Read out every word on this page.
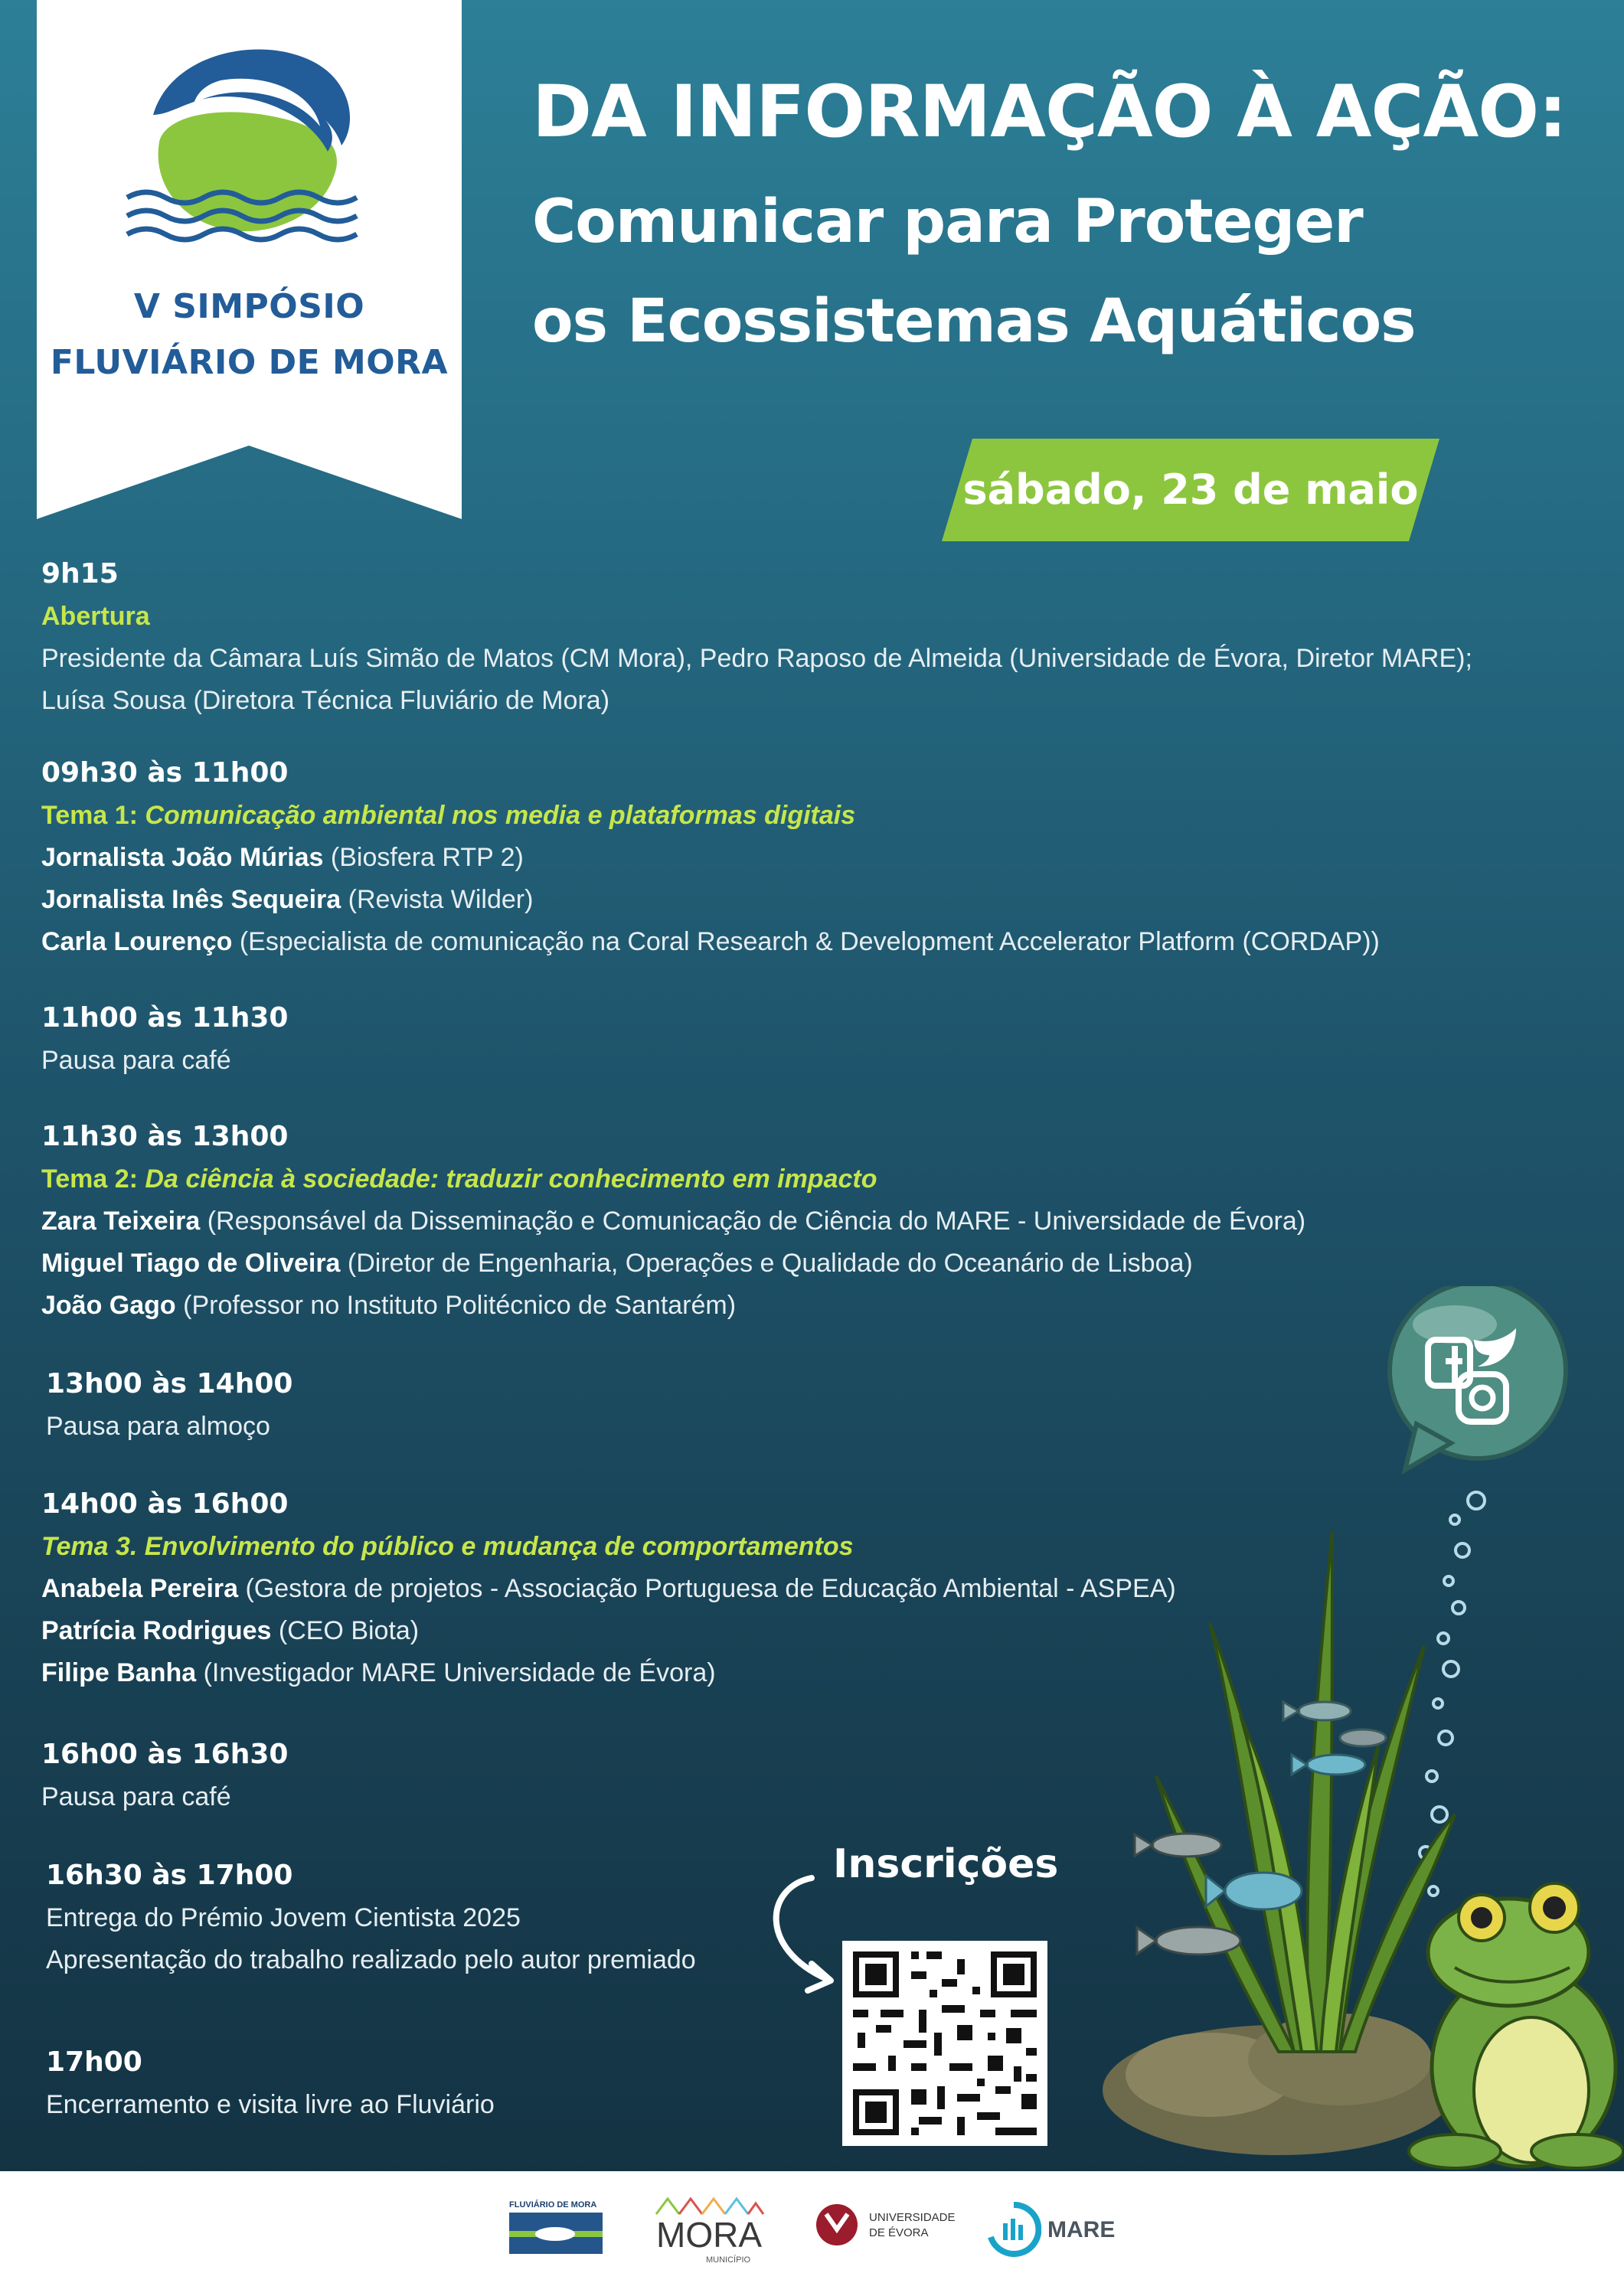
V SIMPÓSIO
FLUVIÁRIO DE MORA
DA INFORMAÇÃO À AÇÃO:
Comunicar para Proteger
os Ecossistemas Aquáticos
sábado, 23 de maio
9h15
Abertura
Presidente da Câmara Luís Simão de Matos (CM Mora), Pedro Raposo de Almeida (Universidade de Évora, Diretor MARE);
Luísa Sousa (Diretora Técnica Fluviário de Mora)
09h30 às 11h00
Tema 1: Comunicação ambiental nos media e plataformas digitais
Jornalista João Múrias (Biosfera RTP 2)
Jornalista Inês Sequeira (Revista Wilder)
Carla Lourenço (Especialista de comunicação na Coral Research & Development Accelerator Platform (CORDAP))
11h00 às 11h30
Pausa para café
11h30 às 13h00
Tema 2: Da ciência à sociedade: traduzir conhecimento em impacto
Zara Teixeira (Responsável da Disseminação e Comunicação de Ciência do MARE - Universidade de Évora)
Miguel Tiago de Oliveira (Diretor de Engenharia, Operações e Qualidade do Oceanário de Lisboa)
João Gago (Professor no Instituto Politécnico de Santarém)
13h00 às 14h00
Pausa para almoço
14h00 às 16h00
Tema 3. Envolvimento do público e mudança de comportamentos
Anabela Pereira (Gestora de projetos - Associação Portuguesa de Educação Ambiental - ASPEA)
Patrícia Rodrigues (CEO Biota)
Filipe Banha (Investigador MARE Universidade de Évora)
16h00 às 16h30
Pausa para café
16h30 às 17h00
Entrega do Prémio Jovem Cientista 2025
Apresentação do trabalho realizado pelo autor premiado
17h00
Encerramento e visita livre ao Fluviário
Inscrições
FLUVIÁRIO DE MORA
MORA
MUNICÍPIO
UNIVERSIDADE
DE ÉVORA	MARE
